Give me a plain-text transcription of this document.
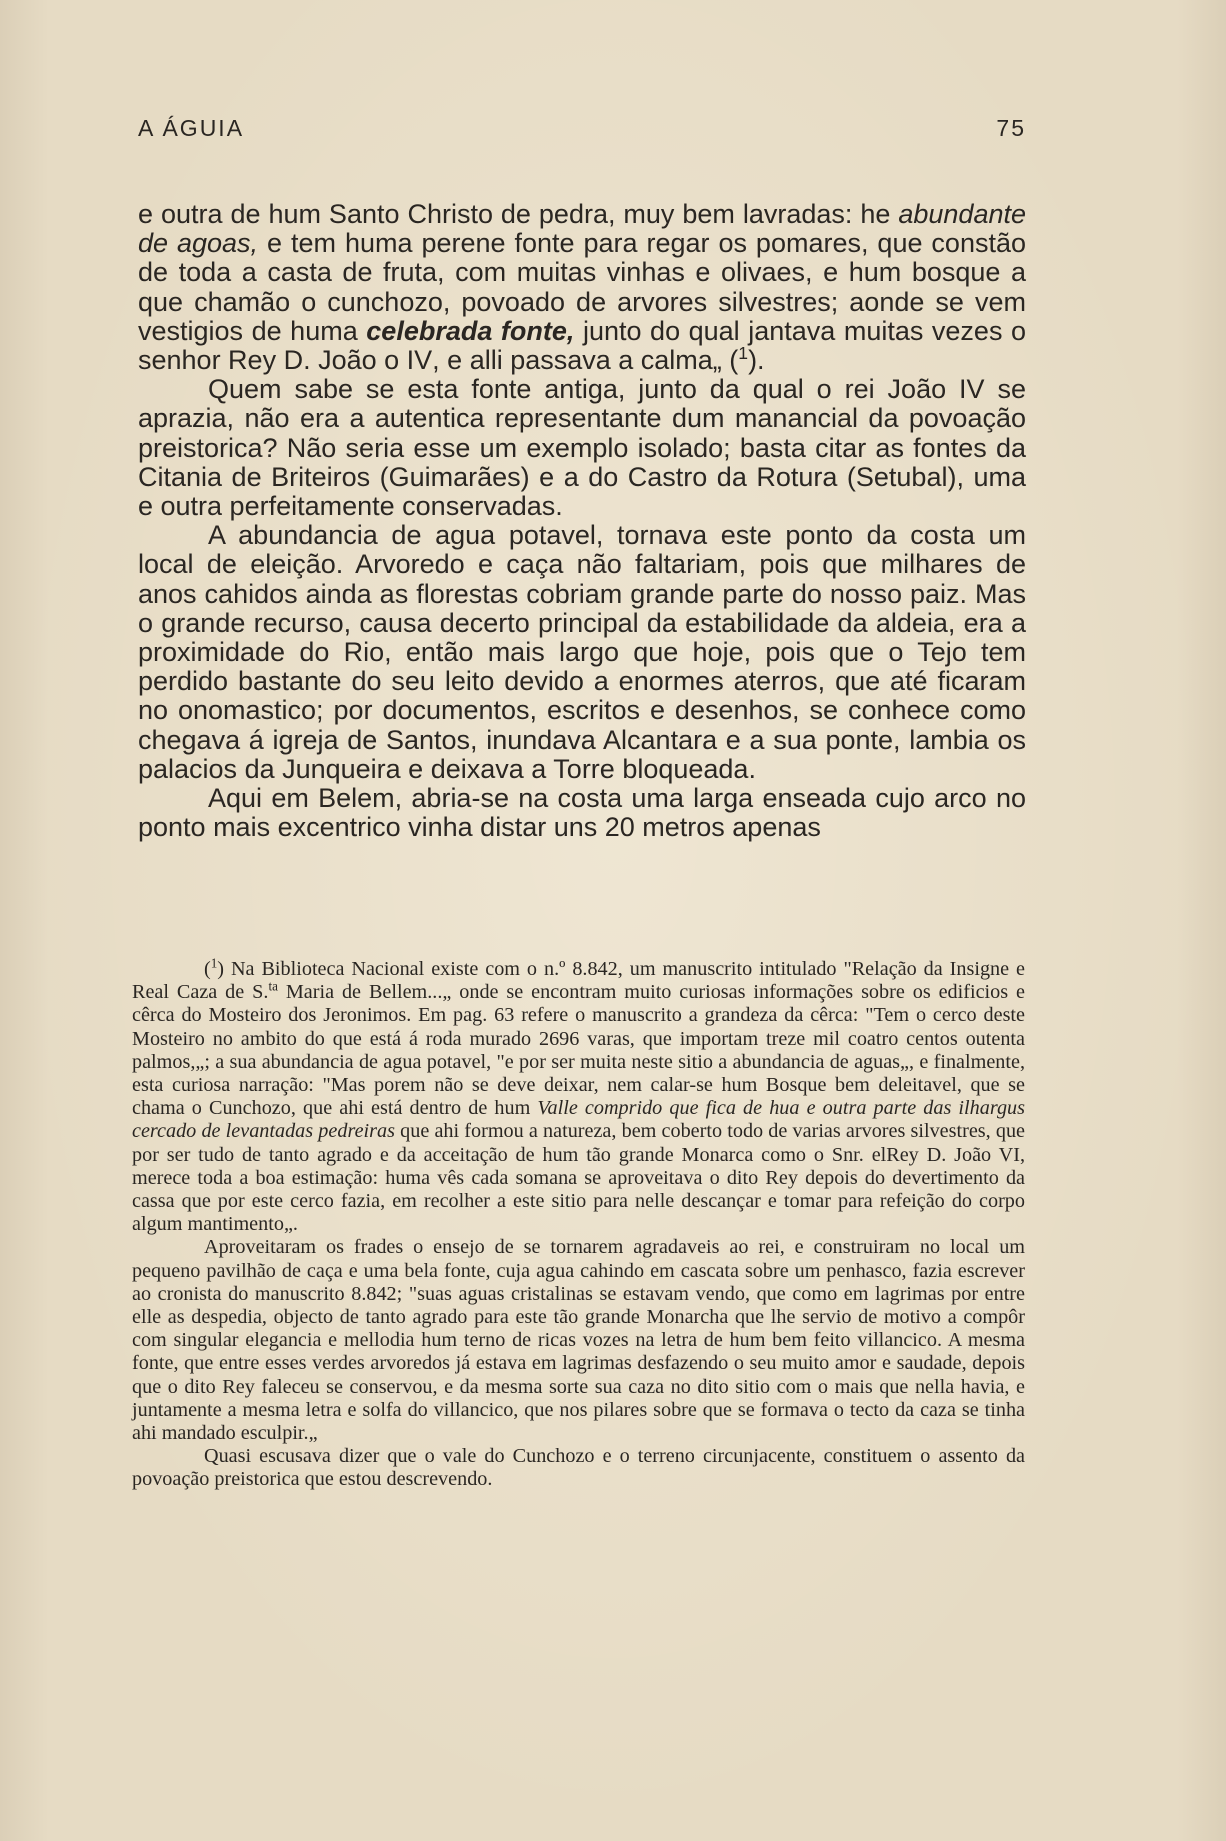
A ÁGUIA	75

e outra de hum Santo Christo de pedra, muy bem lavradas: he abundante de agoas, e tem huma perene fonte para regar os pomares, que constão de toda a casta de fruta, com muitas vinhas e olivaes, e hum bosque a que chamão o cunchozo, povoado de arvores silvestres; aonde se vem vestigios de huma celebrada fonte, junto do qual jantava muitas vezes o senhor Rey D. João o IV, e alli passava a calma„ ($^1$).

Quem sabe se esta fonte antiga, junto da qual o rei João IV se aprazia, não era a autentica representante dum manancial da povoação preistorica? Não seria esse um exemplo isolado; basta citar as fontes da Citania de Briteiros (Guimarães) e a do Castro da Rotura (Setubal), uma e outra perfeitamente conservadas.

A abundancia de agua potavel, tornava este ponto da costa um local de eleição. Arvoredo e caça não faltariam, pois que milhares de anos cahidos ainda as florestas cobriam grande parte do nosso paiz. Mas o grande recurso, causa decerto principal da estabilidade da aldeia, era a proximidade do Rio, então mais largo que hoje, pois que o Tejo tem perdido bastante do seu leito devido a enormes aterros, que até ficaram no onomastico; por documentos, escritos e desenhos, se conhece como chegava á igreja de Santos, inundava Alcantara e a sua ponte, lambia os palacios da Junqueira e deixava a Torre bloqueada.

Aqui em Belem, abria-se na costa uma larga enseada cujo arco no ponto mais excentrico vinha distar uns 20 metros apenas

($^1$) Na Biblioteca Nacional existe com o n.º 8.842, um manuscrito intitulado "Relação da Insigne e Real Caza de S.$^{ta}$ Maria de Bellem...„ onde se encontram muito curiosas informações sobre os edificios e cêrca do Mosteiro dos Jeronimos. Em pag. 63 refere o manuscrito a grandeza da cêrca: "Tem o cerco deste Mosteiro no ambito do que está á roda murado 2696 varas, que importam treze mil coatro centos outenta palmos,„; a sua abundancia de agua potavel, "e por ser muita neste sitio a abundancia de aguas„, e finalmente, esta curiosa narração: "Mas porem não se deve deixar, nem calar-se hum Bosque bem deleitavel, que se chama o Cunchozo, que ahi está dentro de hum Valle comprido que fica de hua e outra parte das ilhargus cercado de levantadas pedreiras que ahi formou a natureza, bem coberto todo de varias arvores silvestres, que por ser tudo de tanto agrado e da acceitação de hum tão grande Monarca como o Snr. elRey D. João VI, merece toda a boa estimação: huma vês cada somana se aproveitava o dito Rey depois do devertimento da cassa que por este cerco fazia, em recolher a este sitio para nelle descançar e tomar para refeição do corpo algum mantimento„.

Aproveitaram os frades o ensejo de se tornarem agradaveis ao rei, e construiram no local um pequeno pavilhão de caça e uma bela fonte, cuja agua cahindo em cascata sobre um penhasco, fazia escrever ao cronista do manuscrito 8.842; "suas aguas cristalinas se estavam vendo, que como em lagrimas por entre elle as despedia, objecto de tanto agrado para este tão grande Monarcha que lhe servio de motivo a compôr com singular elegancia e mellodia hum terno de ricas vozes na letra de hum bem feito villancico. A mesma fonte, que entre esses verdes arvoredos já estava em lagrimas desfazendo o seu muito amor e saudade, depois que o dito Rey faleceu se conservou, e da mesma sorte sua caza no dito sitio com o mais que nella havia, e juntamente a mesma letra e solfa do villancico, que nos pilares sobre que se formava o tecto da caza se tinha ahi mandado esculpir.„

Quasi escusava dizer que o vale do Cunchozo e o terreno circunjacente, constituem o assento da povoação preistorica que estou descrevendo.
